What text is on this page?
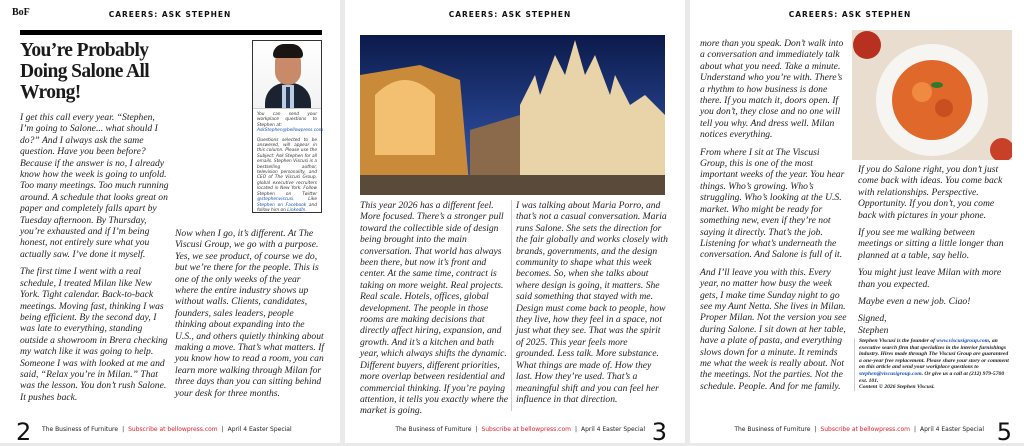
BoF	CAREERS: ASK STEPHEN
You’re Probably Doing Salone All Wrong!
You can send your workplace questions to Stephen at:
AskStephen@bellowpress.com
Questions selected to be answered, will appear in this column. Please use the Subject: Ask Stephen for all emails. Stephen Viscusi is a bestselling author, television personality, and CEO of The Viscusi Group, global executive recruiters located in New York. Follow Stephen on Twitter @stephenviscusi.	Like Stephen on Facebook and follow him on LinkedIn.

I get this call every year. “Stephen, I’m going to Salone... what should I do?” And I always ask the same question. Have you been before? Because if the answer is no, I already know how the week is going to unfold. Too many meetings. Too much running around. A schedule that looks great on paper and completely falls apart by Tuesday afternoon. By Thursday, you’re exhausted and if I’m being honest, not entirely sure what you actually saw. I’ve done it myself.

The first time I went with a real schedule, I treated Milan like New York. Tight calendar. Back-to-back meetings. Moving fast, thinking I was being efficient. By the second day, I was late to everything, standing outside a showroom in Brera checking my watch like it was going to help. Someone I was with looked at me and said, “Relax you’re in Milan.” That was the lesson. You don’t rush Salone. It pushes back.

Now when I go, it’s different. At The Viscusi Group, we go with a purpose. Yes, we see product, of course we do, but we’re there for the people. This is one of the only weeks of the year where the entire industry shows up without walls. Clients, candidates, founders, sales leaders, people thinking about expanding into the U.S., and others quietly thinking about making a move. That’s what matters. If you know how to read a room, you can learn more walking through Milan for three days than you can sitting behind your desk for three months.

2 The Business of Furniture | Subscribe at bellowpress.com | April 4 Easter Special
CAREERS: ASK STEPHEN

This year 2026 has a different feel. More focused. There’s a stronger pull toward the collectible side of design being brought into the main conversation. That world has always been there, but now it’s front and center. At the same time, contract is taking on more weight. Real projects. Real scale. Hotels, offices, global development. The people in those rooms are making decisions that directly affect hiring, expansion, and growth. And it’s a kitchen and bath year, which always shifts the dynamic. Different buyers, different priorities, more overlap between residential and commercial thinking. If you’re paying attention, it tells you exactly where the market is going.

I was talking about Maria Porro, and that’s not a casual conversation. Maria runs Salone. She sets the direction for the fair globally and works closely with brands, governments, and the design community to shape what this week becomes. So, when she talks about where design is going, it matters. She said something that stayed with me. Design must come back to people, how they live, how they feel in a space, not just what they see. That was the spirit of 2025. This year feels more grounded. Less talk. More substance. What things are made of. How they last. How they’re used. That’s a meaningful shift and you can feel her influence in that direction.

The Business of Furniture | Subscribe at bellowpress.com | April 4 Easter Special 3
CAREERS: ASK STEPHEN

more than you speak. Don’t walk into a conversation and immediately talk about what you need. Take a minute. Understand who you’re with. There’s a rhythm to how business is done there. If you match it, doors open. If you don’t, they close and no one will tell you why. And dress well. Milan notices everything.

From where I sit at The Viscusi Group, this is one of the most important weeks of the year. You hear things. Who’s growing. Who’s struggling. Who’s looking at the U.S. market. Who might be ready for something new, even if they’re not saying it directly. That’s the job. Listening for what’s underneath the conversation. And Salone is full of it.

And I’ll leave you with this. Every year, no matter how busy the week gets, I make time Sunday night to go see my Aunt Netta. She lives in Milan. Proper Milan. Not the version you see during Salone. I sit down at her table, have a plate of pasta, and everything slows down for a minute. It reminds me what the week is really about. Not the meetings. Not the parties. Not the schedule. People. And for me family.

If you do Salone right, you don’t just come back with ideas. You come back with relationships. Perspective. Opportunity. If you don’t, you come back with pictures in your phone.

If you see me walking between meetings or sitting a little longer than planned at a table, say hello.

You might just leave Milan with more than you expected.

Maybe even a new job. Ciao!

Signed,
Stephen

Stephen Viscusi is the founder of www.viscusigroup.com, an executive search firm that specializes in the interior furnishings industry. Hires made through The Viscusi Group are guaranteed a one-year free replacement. Please share your story or comment on this article and send your workplace questions to stephen@viscusigroup.com. Or give us a call at (212) 979-5700 ext. 101.
Content © 2026 Stephen Viscusi.
The Business of Furniture | Subscribe at bellowpress.com | April 4 Easter Special 5
